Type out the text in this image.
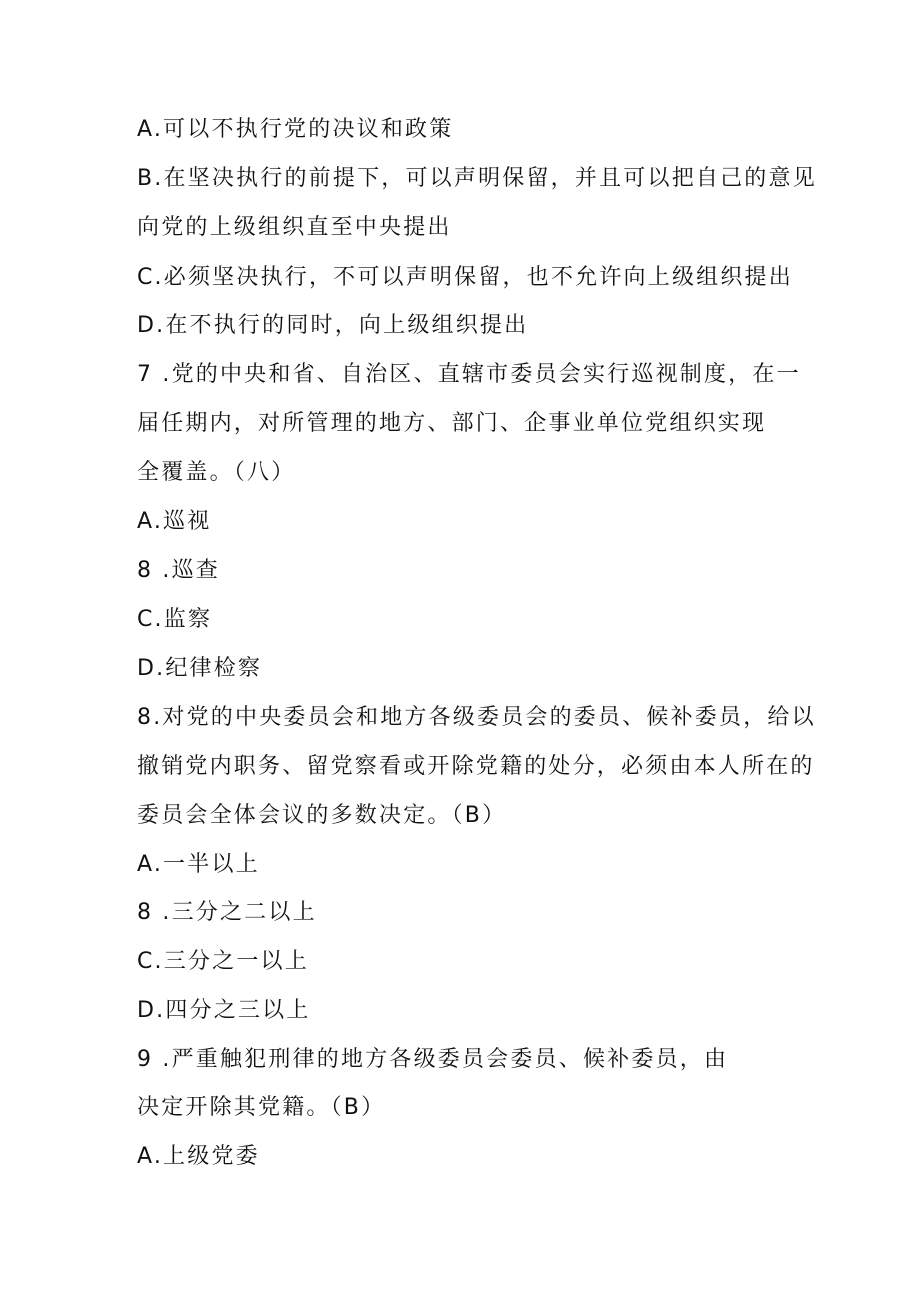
A.可以不执行党的决议和政策
B.在坚决执行的前提下，可以声明保留，并且可以把自己的意见
向党的上级组织直至中央提出
C.必须坚决执行，不可以声明保留，也不允许向上级组织提出
D.在不执行的同时，向上级组织提出
7 .党的中央和省、自治区、直辖市委员会实行巡视制度，在一
届任期内，对所管理的地方、部门、企事业单位党组织实现
全覆盖。（八）
A.巡视
8 .巡查
C.监察
D.纪律检察
8.对党的中央委员会和地方各级委员会的委员、候补委员，给以
撤销党内职务、留党察看或开除党籍的处分，必须由本人所在的
委员会全体会议的多数决定。（B）
A.一半以上
8 .三分之二以上
C.三分之一以上
D.四分之三以上
9 .严重触犯刑律的地方各级委员会委员、候补委员，由
决定开除其党籍。（B）
A.上级党委
